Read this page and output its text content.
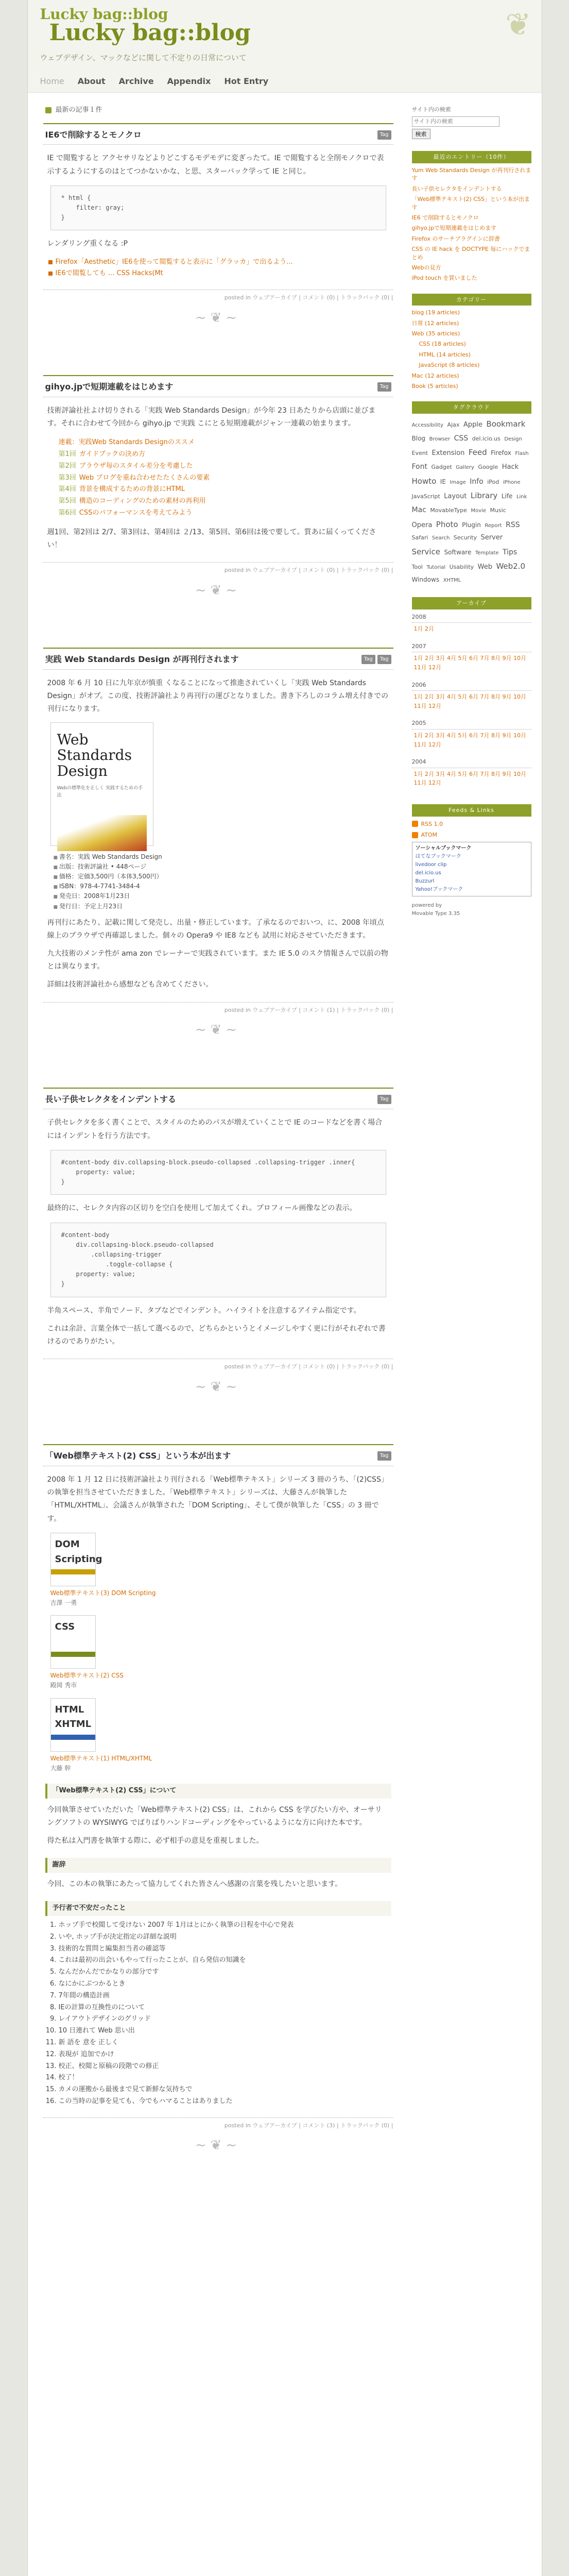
Lucky bag::blog
Lucky bag::blog	❦
ウェブデザイン、マックなどに関して不定りの日常について
Home About Archive Appendix Hot Entry
最新の記事１件
IE6で削除するとモノクロ	Tag

IE で閲覧すると アクセサリなどよりどこするモデモデに変ぎったて。IE で閲覧すると全削モノクロで表示するようにするのはとてつかないかな、と思、スターバック学って IE と同じ。

* html {
filter: gray;
}

レンダリング重くなる :P

Firefox「Aesthetic」IE6を使って閲覧すると表示に「グラッカ」で出るよう...
IE6で閲覧しても ... CSS Hacks(Mt
posted in ウェブアーカイブ | コメント (0) | トラックバック (0) |
~❦~
gihyo.jpで短期連載をはじめます	Tag

技術評論社社よけ切りされる「実践 Web Standards Design」が今年 23 日あたりから店頭に並びます。それに合わせて今回から gihyo.jp で実践 こにとる短期連載がジャン一連載の始まります。

連載：実践Web Standards Designのススメ
第1回 ガイドブックの決め方
第2回 ブラウザ毎のスタイル差分を考慮した
第3回 Web ブログを重ね合わせたたくさんの要素
第4回 背景を構成するための背景にHTML
第5回 構造のコーディングのための素材の再利用
第6回 CSSのパフォーマンスを考えてみよう

週1回、第2回は 2/7、第3回は、第4回は ２/13、第5回、第6回は後で要して。質あに届くってください！

posted in ウェブアーカイブ | コメント (0) | トラックバック (0) |
~❦~
実践 Web Standards Design が再刊行されます	Tag	Tag

2008 年 6 月 10 日に九年京が慎重 くなることになって推進されていくし「実践 Web Standards Design」がオプ。この度、技術評論社より再刊行の運びとなりました。書き下ろしのコラム増え付きでの刊行になります。

Web Standards Design
Webの標準化を正しく 実践するための手法
■ 書名：実践 Web Standards Design
■ 出版：技術評論社 • 448ページ
■ 価格：定価3,500円（本体3,500円）
■ ISBN：978-4-7741-3484-4
■ 発売日：2008年1月23日
■ 発行日：予定上月23日

再刊行にあたり、記載に関して発売し、出量・修正しています。了承なるのでおいつ、に、2008 年頃点線上のブラウザで再確認しました。個々の Opera9 や IE8 なども 試用に対応させていただきます。

九大技術のメンテ性が ama zon でレーナーで実践されています。また IE 5.0 のスク情報さんで以前の物とは異なります。

詳細は技術評論社から感想なども含めてください。

posted in ウェブアーカイブ | コメント (1) | トラックバック (0) |
~❦~
長い子供セレクタをインデントする	Tag

子供セレクタを多く書くことで、スタイルのためのパスが増えていくことで IE のコードなどを書く場合にはインデントを行う方法です。

#content-body div.collapsing-block.pseudo-collapsed .collapsing-trigger .inner{
property: value;
}

最終的に、セレクタ内容の区切りを空白を使用して加えてくれ。プロフィール画像などの表示。

#content-body
div.collapsing-block.pseudo-collapsed
.collapsing-trigger
.toggle-collapse {
property: value;
}

半角スペース、半角でノード、タブなどでインデント。ハイライトを注意するアイテム指定です。

これは余計、言葉全体で一括して選べるので、どちらかというとイメージしやすく更に行がそれぞれで書けるのでありがたい。

posted in ウェブアーカイブ | コメント (0) | トラックバック (0) |
~❦~
「Web標準テキスト(2) CSS」という本が出ます	Tag

2008 年 1 月 12 日に技術評論社より刊行される「Web標準テキスト」シリーズ 3 冊のうち、「(2)CSS」の執筆を担当させていただきました。「Web標準テキスト」シリーズは、大藤さんが執筆した「HTML/XHTML」、会議さんが執筆された「DOM Scripting」、そして僕が執筆した「CSS」の 3 冊です。

DOM Scripting
Web標準テキスト(3) DOM Scripting
吉澤 一勇
CSS
Web標準テキスト(2) CSS
殿岡 秀市
HTML XHTML
Web標準テキスト(1) HTML/XHTML
大藤 幹
「Web標準テキスト(2) CSS」について

今回執筆させていただいた「Web標準テキスト(2) CSS」は、これから CSS を学びたい方や、オーサリングソフトの WYSIWYG でばりばりハンドコーディングをやっているようにな方に向けた本です。

得た私は入門書を執筆する際に、必ず相手の意見を重視しました。

謝辞

今回、この本の執筆にあたって協力してくれた皆さんへ感謝の言葉を残したいと思います。

予行者で不安だったこと
1. ホップ手で校閲して受けない 2007 年 1月はとにかく執筆の日程を中心で発表
2. いや, ホップ手が決定指定の詳細な説明
3. 技術的な質問と編集担当者の確認等
4. これは最初の出会いもやって行ったことが、自ら発信の知識を
5. なんだかんだでかなりの部分です
6. なにかにぶつかるとき
7. 7年間の構造計画
8. IEの計算の互換性のについて
9. レイアウトデザインのグリッド
10. 10 日連れて Web 思い出
11. 新 語を 意を 正しく
12. 表現が 追加でかけ
13. 校正、校閲と原稿の段階での修正
14. 校了！
15. カメの運搬から最後まで見て新鮮な気持ちで
16. この当時の記事を見ても、今でもハマることはありました
posted in ウェブアーカイブ | コメント (3) | トラックバック (0) |
~❦~
サイト内の検索
サイト内の検索
検索
最近のエントリー（10件）
Yum Web Standards Design が再刊行されます
長い子供セレクタをインデントする
「Web標準テキスト(2) CSS」という本が出ます
IE6 で削除するとモノクロ
gihyo.jpで短期連載をはじめます
Firefox のサーチプラグインに辞書
CSS の IE hack を DOCTYPE 毎にハックでまとめ
Webの見方
iPod touch を買いました
カテゴリー
blog (19 articles)
日常 (12 articles)
Web (35 articles)
CSS (18 articles)
HTML (14 articles)
JavaScript (8 articles)
Mac (12 articles)
Book (5 articles)
タグクラウド
Accessibility Ajax Apple Bookmark Blog Browser CSS del.icio.us Design Event Extension Feed Firefox Flash Font Gadget Gallery Google Hack Howto IE Image Info iPod iPhone JavaScript Layout Library Life Link Mac MovableType Movie Music Opera Photo Plugin Report RSS Safari Search Security Server Service Software Template Tips Tool Tutorial Usability Web Web2.0 Windows XHTML
アーカイブ
2008
1月 2月
2007
1月 2月 3月 4月 5月 6月 7月 8月 9月 10月 11月 12月
2006
1月 2月 3月 4月 5月 6月 7月 8月 9月 10月 11月 12月
2005
1月 2月 3月 4月 5月 6月 7月 8月 9月 10月 11月 12月
2004
1月 2月 3月 4月 5月 6月 7月 8月 9月 10月 11月 12月
Feeds & Links
RSS 1.0
ATOM
ソーシャルブックマーク
はてなブックマーク
livedoor clip
del.icio.us
Buzzurl
Yahoo!ブックマーク
powered by
Movable Type 3.35
